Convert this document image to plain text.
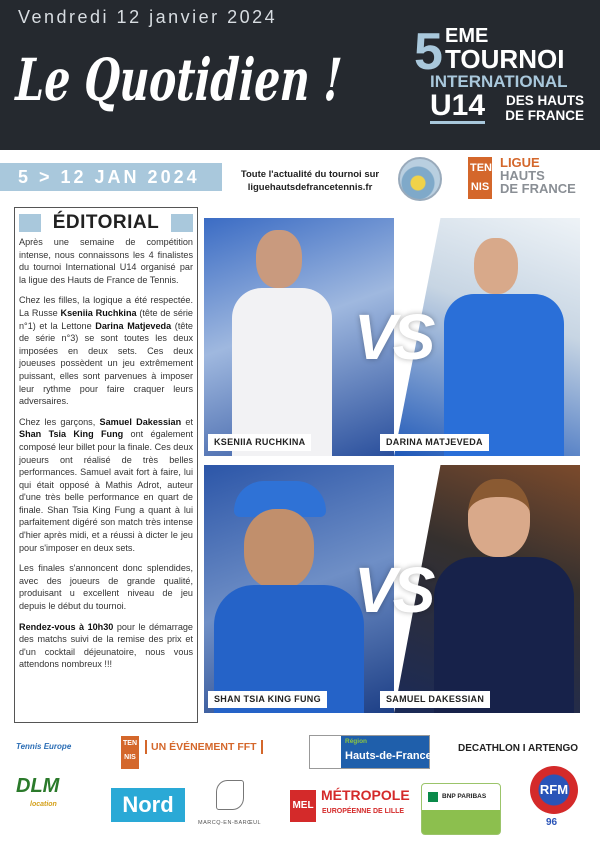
Vendredi 12 janvier 2024
Le Quotidien ! 5 EME
TOURNOI
INTERNATIONAL
U14	DES HAUTS
DE FRANCE
5 > 12 JAN 2024	Toute l'actualité du tournoi sur
liguehautsdefrancetennis.fr
TEN
NIS
LIGUE
HAUTS
DE FRANCE
ÉDITORIAL

Après une semaine de compétition intense, nous connaissons les 4 finalistes du tournoi International U14 organisé par la ligue des Hauts de France de Tennis.

Chez les filles, la logique a été respectée. La Russe Kseniia Ruchkina (tête de série n°1) et la Lettone Darina Matjeveda (tête de série n°3) se sont toutes les deux imposées en deux sets. Ces deux joueuses possèdent un jeu extrêmement puissant, elles sont parvenues à imposer leur rythme pour faire craquer leurs adversaires.

Chez les garçons, Samuel Dakessian et Shan Tsia King Fung ont également composé leur billet pour la finale. Ces deux joueurs ont réalisé de très belles performances. Samuel avait fort à faire, lui qui était opposé à Mathis Adrot, auteur d'une très belle performance en quart de finale. Shan Tsia King Fung a quant à lui parfaitement digéré son match très intense d'hier après midi, et a réussi à dicter le jeu pour s'imposer en deux sets.

Les finales s'annoncent donc splendides, avec des joueurs de grande qualité, produisant u excellent niveau de jeu depuis le début du tournoi.

Rendez-vous à 10h30 pour le démarrage des matchs suivi de la remise des prix et d'un cocktail déjeunatoire, nous vous attendons nombreux !!!

VS
KSENIIA RUCHKINA	DARINA MATJEVEDA
VS
SHAN TSIA KING FUNG	SAMUEL DAKESSIAN
Tennis Europe	TEN
NIS
UN ÉVÉNEMENT FFT	Région
Hauts-de-France
DECATHLON I ARTENGO
DLM
location	Nord
MARCQ-EN-BARŒUL
MEL
MÉTROPOLE
EUROPÉENNE DE LILLE
BNP PARIBAS	RFM
96
